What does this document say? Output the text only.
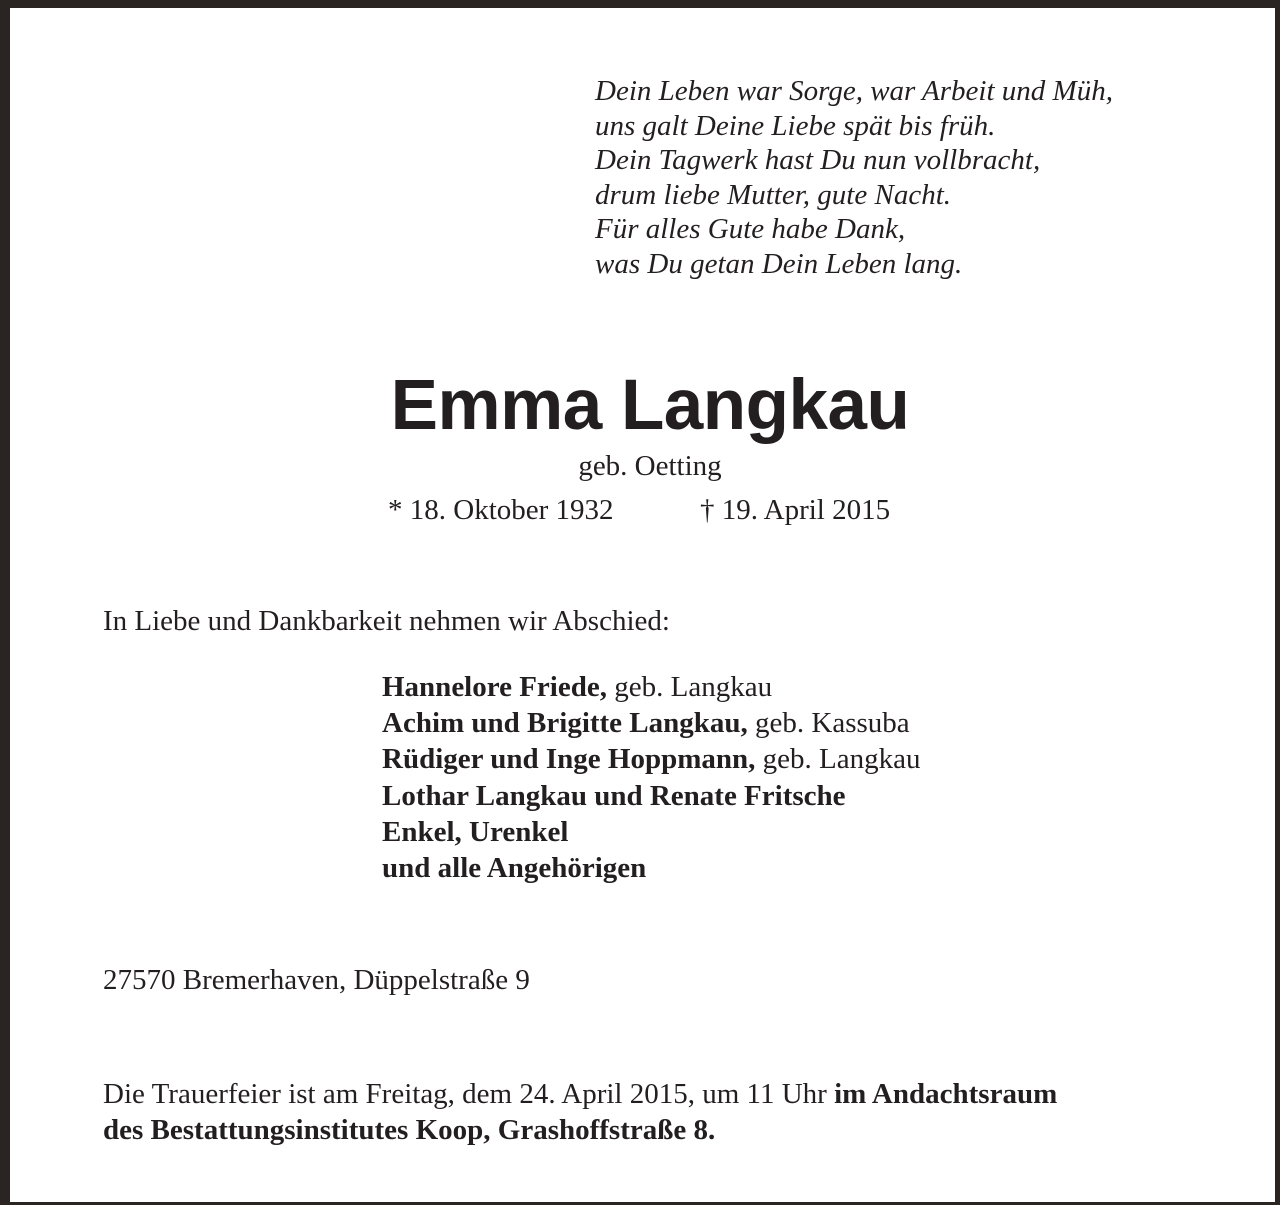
Dein Leben war Sorge, war Arbeit und Müh,
uns galt Deine Liebe spät bis früh.
Dein Tagwerk hast Du nun vollbracht,
drum liebe Mutter, gute Nacht.
Für alles Gute habe Dank,
was Du getan Dein Leben lang.
Emma Langkau
geb. Oetting
* 18. Oktober 1932	† 19. April 2015
In Liebe und Dankbarkeit nehmen wir Abschied:
Hannelore Friede, geb. Langkau
Achim und Brigitte Langkau, geb. Kassuba
Rüdiger und Inge Hoppmann, geb. Langkau
Lothar Langkau und Renate Fritsche
Enkel, Urenkel
und alle Angehörigen
27570 Bremerhaven, Düppelstraße 9
Die Trauerfeier ist am Freitag, dem 24. April 2015, um 11 Uhr im Andachtsraum
des Bestattungsinstitutes Koop, Grashoffstraße 8.
